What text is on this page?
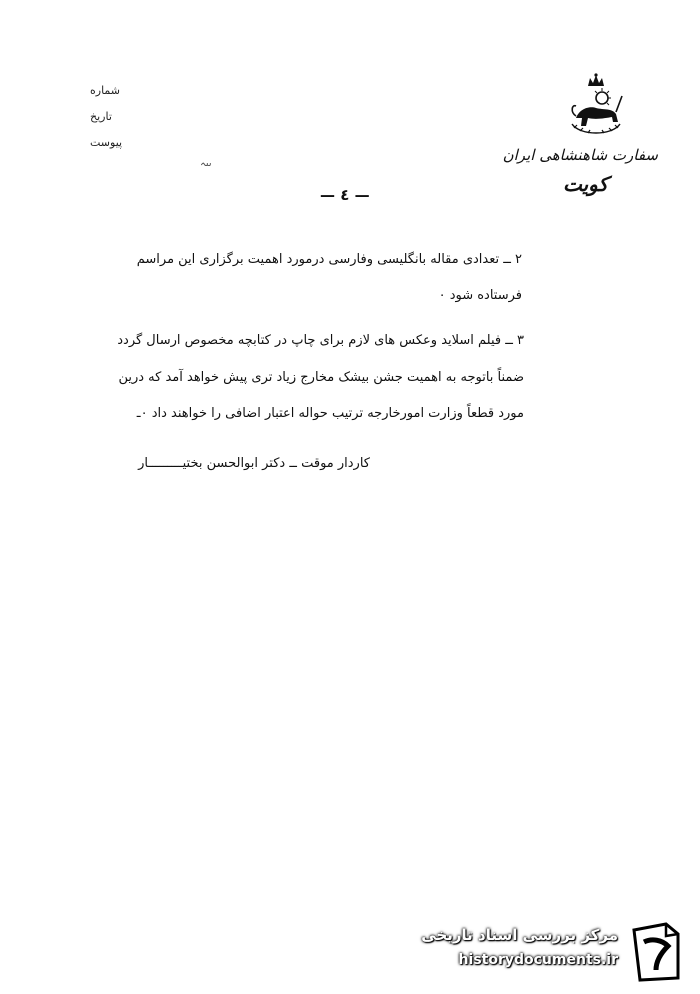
شماره
تاریخ
پیوست
ٮٮہ	سفارت شاهنشاهی ایران
کویت
— ٤ —
۲ ــ تعدادی مقاله بانگلیسی وفارسی درمورد اهمیت برگزاری این مراسم
فرستاده شود ٠
۳ ــ فیلم اسلاید وعکس های لازم برای چاپ در کتابچه مخصوص ارسال گردد
ضمناً باتوجه به اهمیت جشن بیشک مخارج زیاد تری پیش خواهد آمد که درین
مورد قطعاً وزارت امورخارجه ترتیب حواله اعتبار اضافی را خواهند داد ٠ـ
کاردار موقت ــ دکتر ابوالحسن بختیـــــــــار
مرکز بررسی اسناد تاریخی
historydocuments.ir
